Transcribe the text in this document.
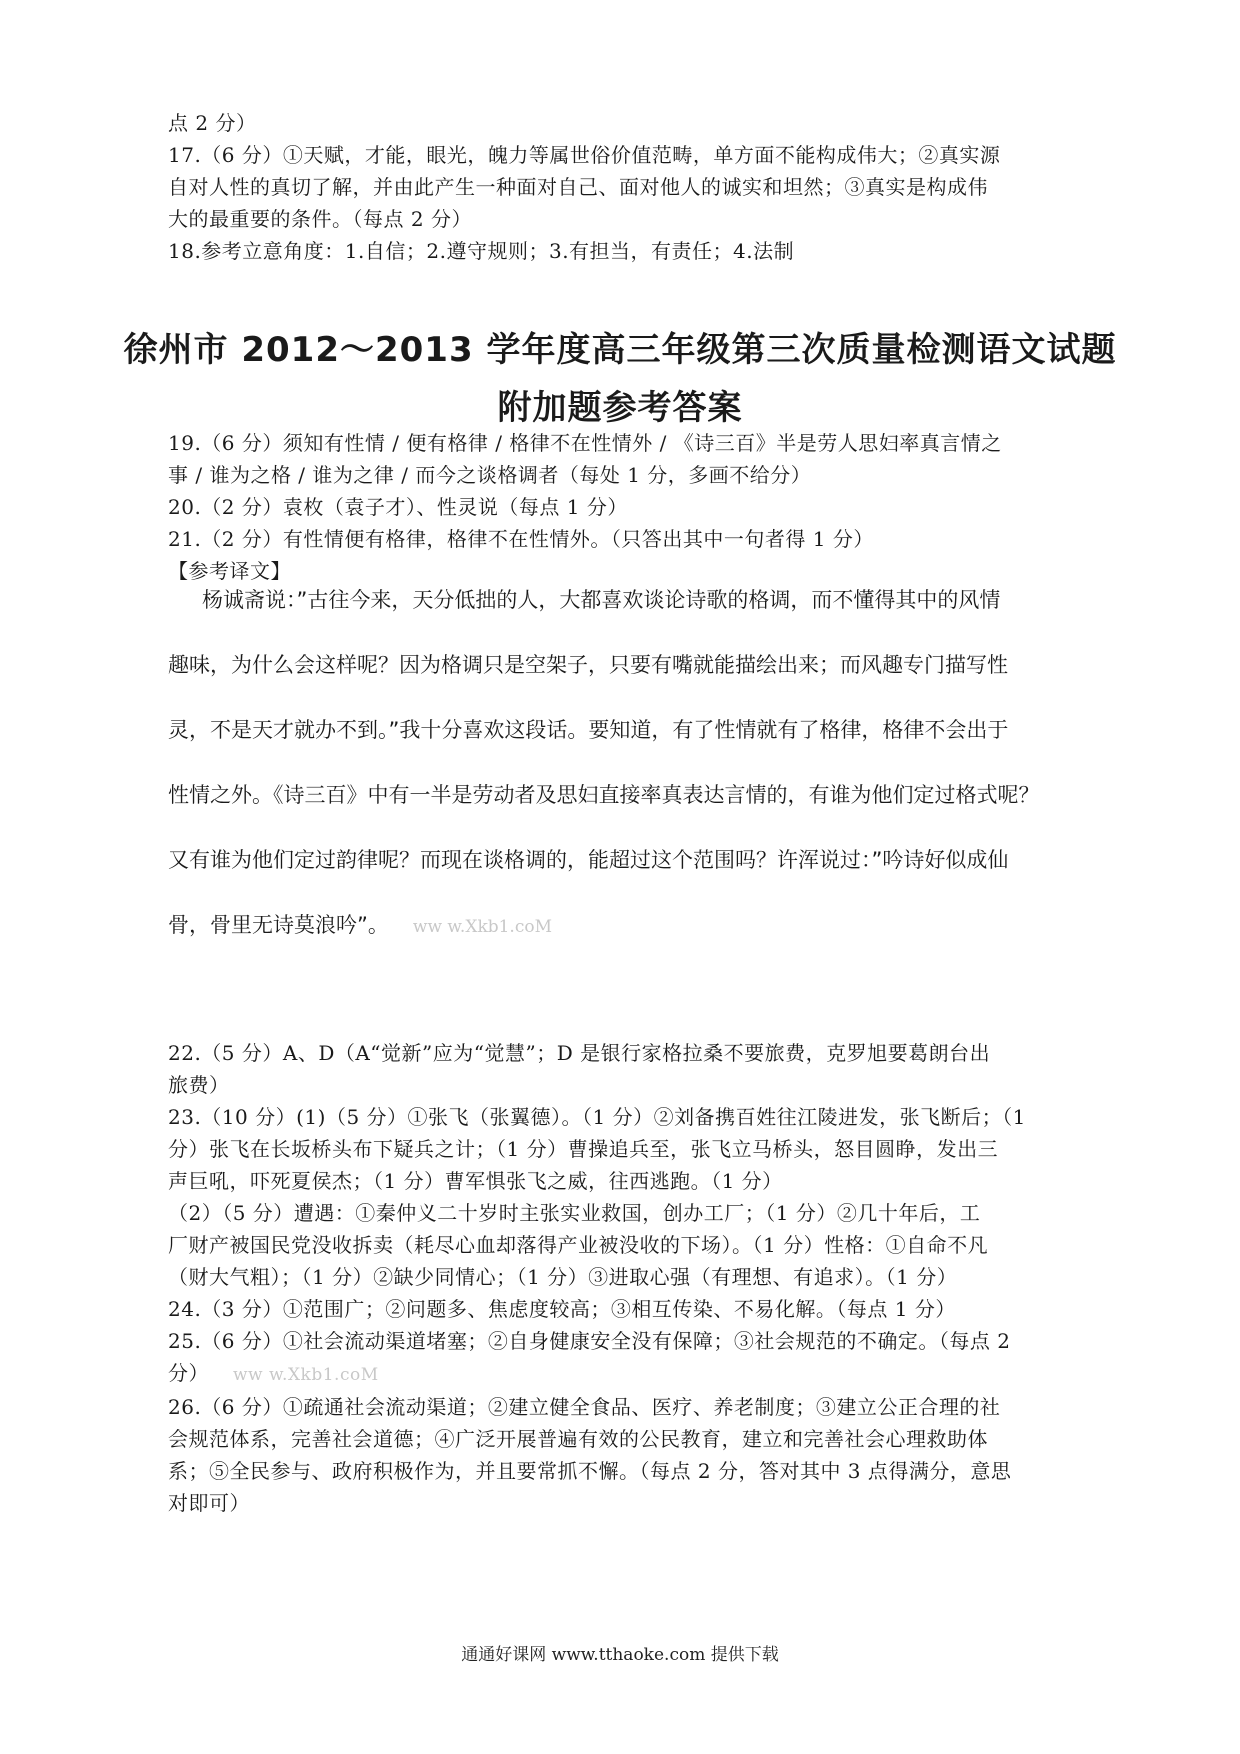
点 2 分）
17.（6 分）①天赋，才能，眼光，魄力等属世俗价值范畴，单方面不能构成伟大；②真实源
自对人性的真切了解，并由此产生一种面对自己、面对他人的诚实和坦然；③真实是构成伟
大的最重要的条件。（每点 2 分）
18.参考立意角度：1.自信；2.遵守规则；3.有担当，有责任；4.法制
徐州市 2012～2013 学年度高三年级第三次质量检测语文试题
附加题参考答案
19.（6 分）须知有性情 / 便有格律 / 格律不在性情外 / 《诗三百》半是劳人思妇率真言情之
事 / 谁为之格 / 谁为之律 / 而今之谈格调者（每处 1 分，多画不给分）
20.（2 分）袁枚（袁子才）、性灵说（每点 1 分）
21.（2 分）有性情便有格律，格律不在性情外。（只答出其中一句者得 1 分）
【参考译文】
杨诚斋说：”古往今来，天分低拙的人，大都喜欢谈论诗歌的格调，而不懂得其中的风情
趣味，为什么会这样呢？因为格调只是空架子，只要有嘴就能描绘出来；而风趣专门描写性
灵，不是天才就办不到。”我十分喜欢这段话。要知道，有了性情就有了格律，格律不会出于
性情之外。《诗三百》中有一半是劳动者及思妇直接率真表达言情的，有谁为他们定过格式呢？
又有谁为他们定过韵律呢？而现在谈格调的，能超过这个范围吗？许浑说过：”吟诗好似成仙
骨，骨里无诗莫浪吟”。 ww w.Xkb1.coM
22.（5 分）A、D（A“觉新”应为“觉慧”；D 是银行家格拉桑不要旅费，克罗旭要葛朗台出
旅费）
23.（10 分）(1)（5 分）①张飞（张翼德）。（1 分）②刘备携百姓往江陵进发，张飞断后；（1
分）张飞在长坂桥头布下疑兵之计；（1 分）曹操追兵至，张飞立马桥头，怒目圆睁，发出三
声巨吼，吓死夏侯杰；（1 分）曹军惧张飞之威，往西逃跑。（1 分）
（2）（5 分）遭遇：①秦仲义二十岁时主张实业救国，创办工厂；（1 分）②几十年后，工
厂财产被国民党没收拆卖（耗尽心血却落得产业被没收的下场）。（1 分）性格：①自命不凡
（财大气粗）；（1 分）②缺少同情心；（1 分）③进取心强（有理想、有追求）。（1 分）
24.（3 分）①范围广；②问题多、焦虑度较高；③相互传染、不易化解。（每点 1 分）
25.（6 分）①社会流动渠道堵塞；②自身健康安全没有保障；③社会规范的不确定。（每点 2
分） ww w.Xkb1.coM
26.（6 分）①疏通社会流动渠道；②建立健全食品、医疗、养老制度；③建立公正合理的社
会规范体系，完善社会道德；④广泛开展普遍有效的公民教育，建立和完善社会心理救助体
系；⑤全民参与、政府积极作为，并且要常抓不懈。（每点 2 分，答对其中 3 点得满分，意思
对即可）
通通好课网 www.tthaoke.com 提供下载
